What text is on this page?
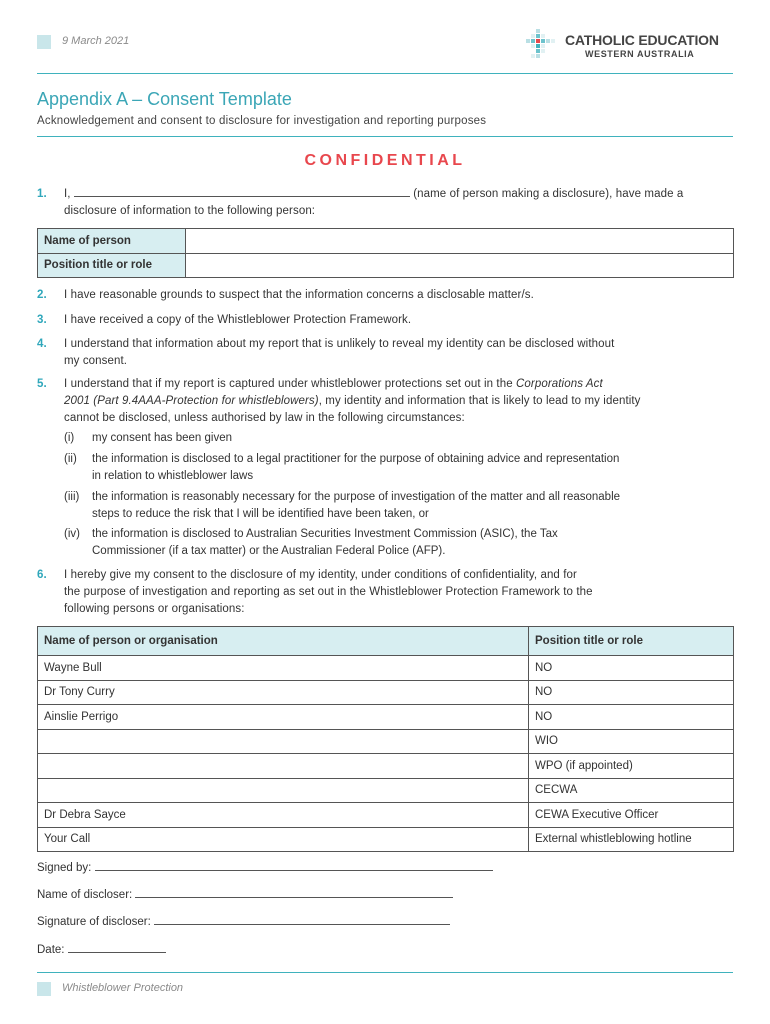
9 March 2021	CATHOLIC EDUCATION
WESTERN AUSTRALIA
Appendix A – Consent Template
Acknowledgement and consent to disclosure for investigation and reporting purposes
CONFIDENTIAL
1. I,	(name of person making a disclosure), have made a
disclosure of information to the following person:
Name of person	
Position title or role	
2. I have reasonable grounds to suspect that the information concerns a disclosable matter/s.
3. I have received a copy of the Whistleblower Protection Framework.
4. I understand that information about my report that is unlikely to reveal my identity can be disclosed without
my consent.
5. I understand that if my report is captured under whistleblower protections set out in the Corporations Act
2001 (Part 9.4AAA-Protection for whistleblowers), my identity and information that is likely to lead to my identity
cannot be disclosed, unless authorised by law in the following circumstances:
(i) my consent has been given
(ii) the information is disclosed to a legal practitioner for the purpose of obtaining advice and representation
in relation to whistleblower laws
(iii) the information is reasonably necessary for the purpose of investigation of the matter and all reasonable
steps to reduce the risk that I will be identified have been taken, or
(iv) the information is disclosed to Australian Securities Investment Commission (ASIC), the Tax
Commissioner (if a tax matter) or the Australian Federal Police (AFP).
6. I hereby give my consent to the disclosure of my identity, under conditions of confidentiality, and for
the purpose of investigation and reporting as set out in the Whistleblower Protection Framework to the
following persons or organisations:
Name of person or organisation	Position title or role
Wayne Bull	NO
Dr Tony Curry	NO
Ainslie Perrigo	NO
	WIO
	WPO (if appointed)
	CECWA
Dr Debra Sayce	CEWA Executive Officer
Your Call	External whistleblowing hotline
Signed by:
Name of discloser:
Signature of discloser:
Date:
Whistleblower Protection
